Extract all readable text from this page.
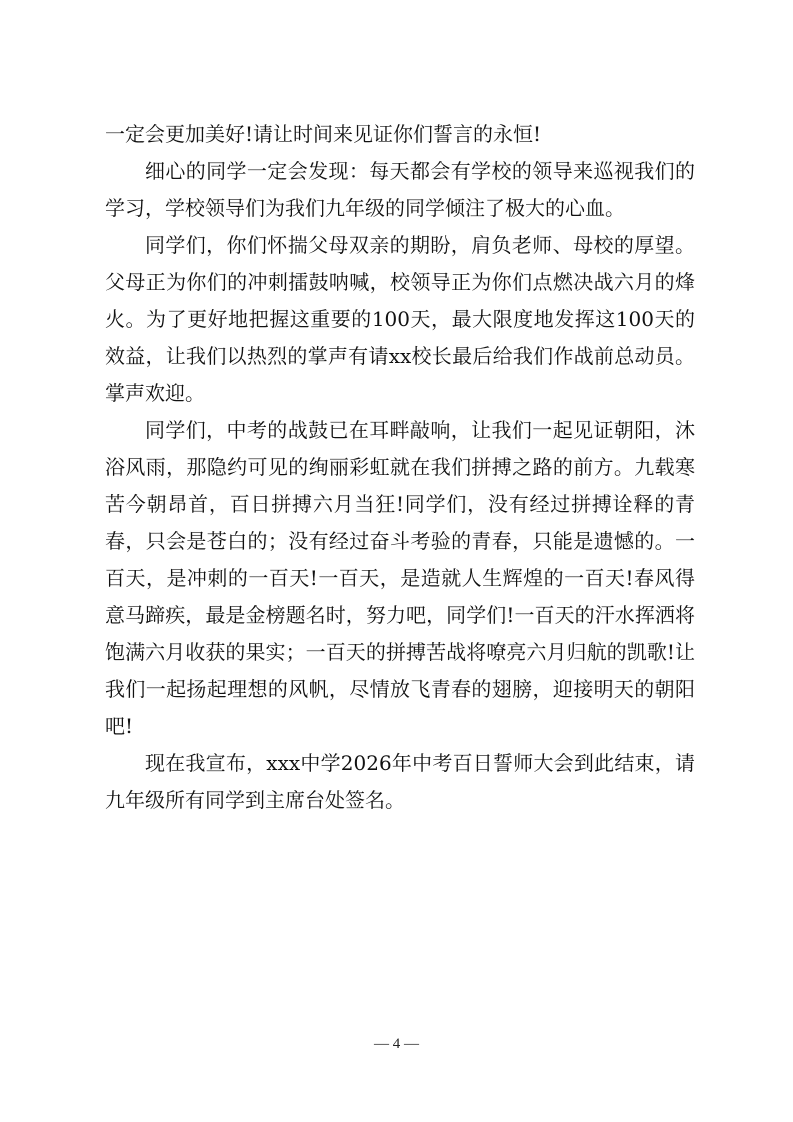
一定会更加美好!请让时间来见证你们誓言的永恒!

细心的同学一定会发现：每天都会有学校的领导来巡视我们的学习，学校领导们为我们九年级的同学倾注了极大的心血。

同学们，你们怀揣父母双亲的期盼，肩负老师、母校的厚望。父母正为你们的冲刺擂鼓呐喊，校领导正为你们点燃决战六月的烽火。为了更好地把握这重要的100天，最大限度地发挥这100天的效益，让我们以热烈的掌声有请xx校长最后给我们作战前总动员。掌声欢迎。

同学们，中考的战鼓已在耳畔敲响，让我们一起见证朝阳，沐浴风雨，那隐约可见的绚丽彩虹就在我们拼搏之路的前方。九载寒苦今朝昂首，百日拼搏六月当狂!同学们，没有经过拼搏诠释的青春，只会是苍白的；没有经过奋斗考验的青春，只能是遗憾的。一百天，是冲刺的一百天!一百天，是造就人生辉煌的一百天!春风得意马蹄疾，最是金榜题名时，努力吧，同学们!一百天的汗水挥洒将饱满六月收获的果实；一百天的拼搏苦战将嘹亮六月归航的凯歌!让我们一起扬起理想的风帆，尽情放飞青春的翅膀，迎接明天的朝阳吧!

现在我宣布，xxx中学2026年中考百日誓师大会到此结束，请九年级所有同学到主席台处签名。

— 4 —
